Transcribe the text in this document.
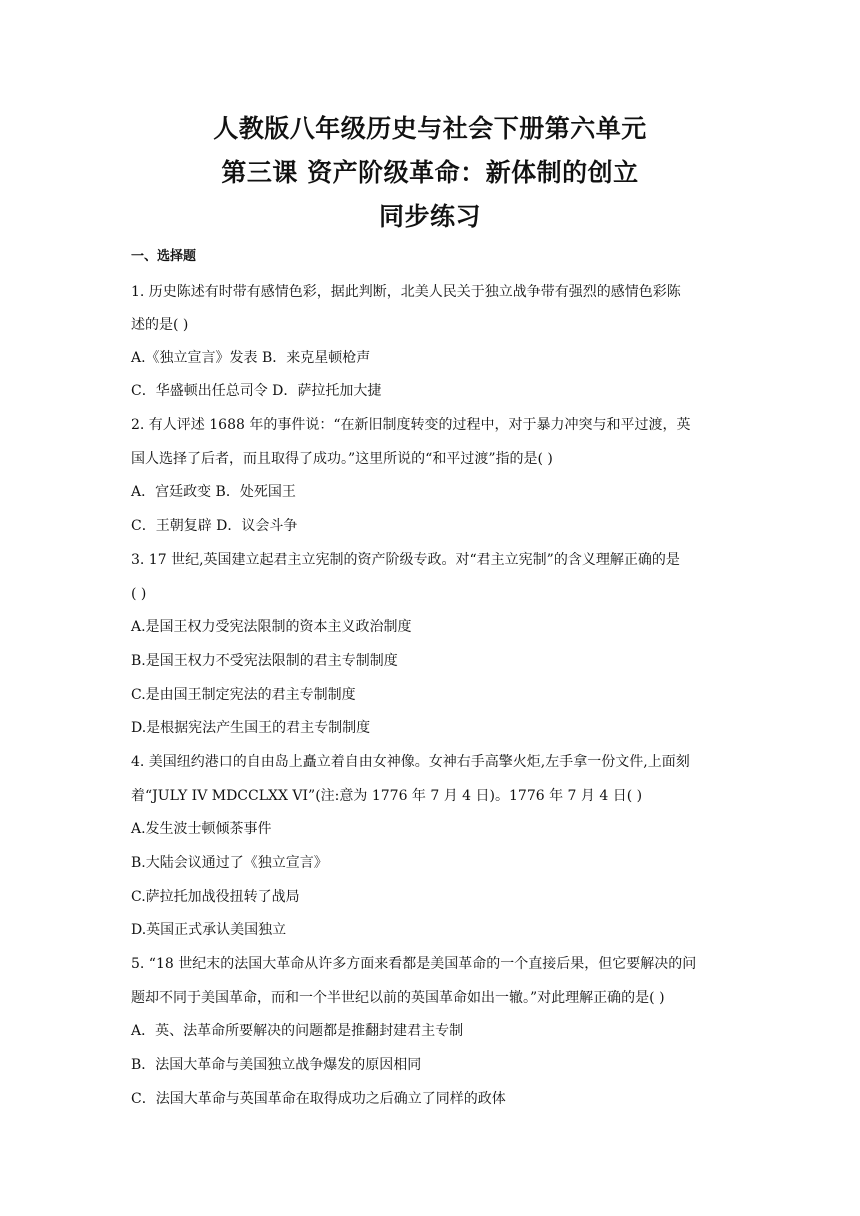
人教版八年级历史与社会下册第六单元
第三课 资产阶级革命：新体制的创立
同步练习
一、选择题
1. 历史陈述有时带有感情色彩，据此判断，北美人民关于独立战争带有强烈的感情色彩陈
述的是( )
A.《独立宣言》发表 B．来克星顿枪声
C．华盛顿出任总司令 D．萨拉托加大捷
2. 有人评述 1688 年的事件说：“在新旧制度转变的过程中，对于暴力冲突与和平过渡，英
国人选择了后者，而且取得了成功。”这里所说的“和平过渡”指的是( )
A．宫廷政变 B．处死国王
C．王朝复辟 D．议会斗争
3. 17 世纪,英国建立起君主立宪制的资产阶级专政。对“君主立宪制”的含义理解正确的是
( )
A.是国王权力受宪法限制的资本主义政治制度
B.是国王权力不受宪法限制的君主专制制度
C.是由国王制定宪法的君主专制制度
D.是根据宪法产生国王的君主专制制度
4. 美国纽约港口的自由岛上矗立着自由女神像。女神右手高擎火炬,左手拿一份文件,上面刻
着“JULY IV MDCCLXX VI”(注:意为 1776 年 7 月 4 日)。1776 年 7 月 4 日( )
A.发生波士顿倾茶事件
B.大陆会议通过了《独立宣言》
C.萨拉托加战役扭转了战局
D.英国正式承认美国独立
5. “18 世纪末的法国大革命从许多方面来看都是美国革命的一个直接后果，但它要解决的问
题却不同于美国革命，而和一个半世纪以前的英国革命如出一辙。”对此理解正确的是( )
A．英、法革命所要解决的问题都是推翻封建君主专制
B．法国大革命与美国独立战争爆发的原因相同
C．法国大革命与英国革命在取得成功之后确立了同样的政体
